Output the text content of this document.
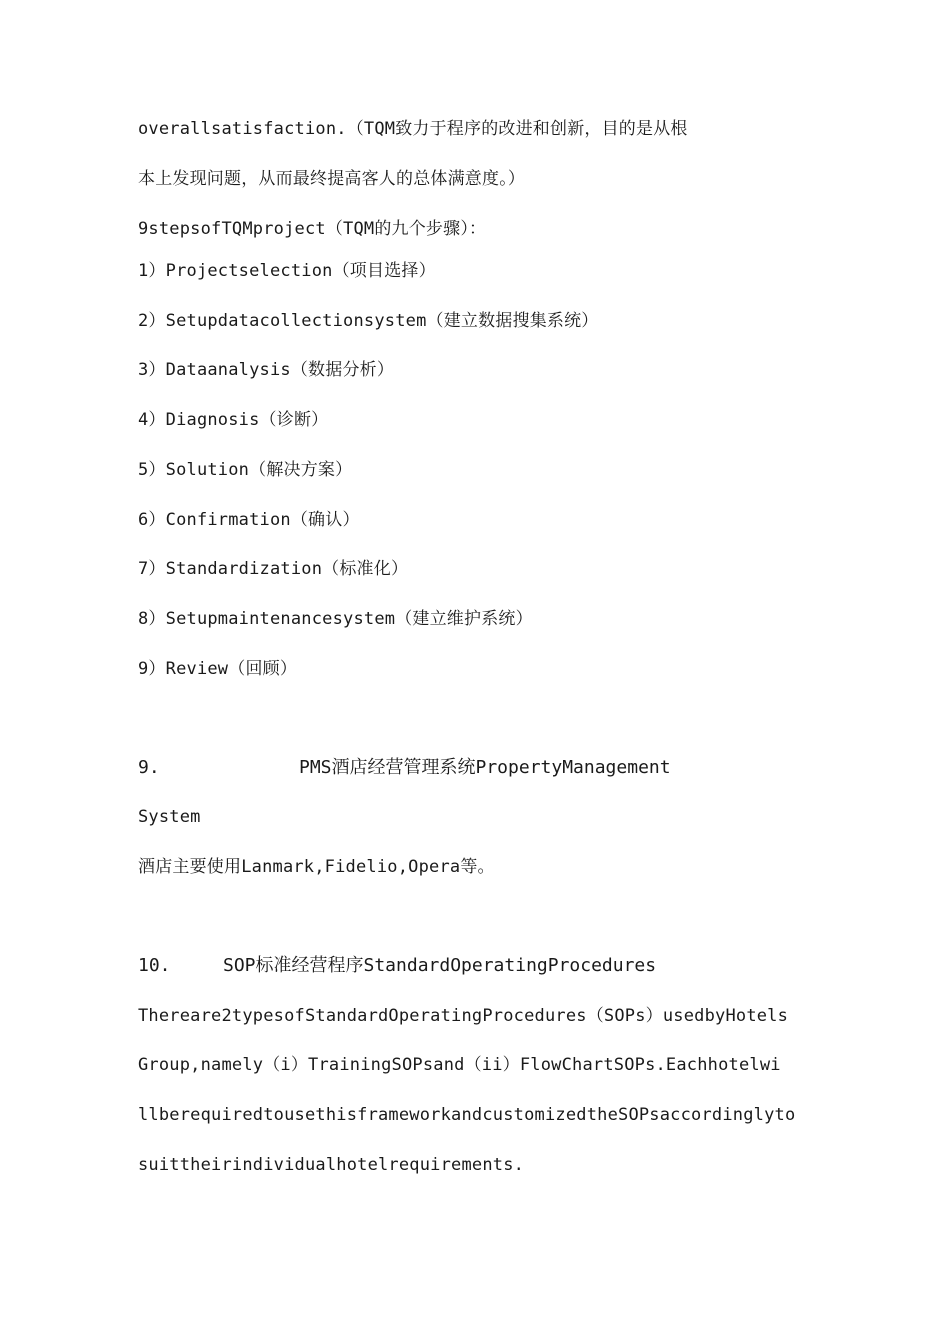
overallsatisfaction.（TQM致力于程序的改进和创新，目的是从根
本上发现问题，从而最终提高客人的总体满意度。）
9stepsofTQMproject（TQM的九个步骤）：
1）Projectselection（项目选择）
2）Setupdatacollectionsystem（建立数据搜集系统）
3）Dataanalysis（数据分析）
4）Diagnosis（诊断）
5）Solution（解决方案）
6）Confirmation（确认）
7）Standardization（标准化）
8）Setupmaintenancesystem（建立维护系统）
9）Review（回顾）
9.	PMS酒店经营管理系统PropertyManagement
System
酒店主要使用Lanmark,Fidelio,Opera等。
10.	SOP标准经营程序StandardOperatingProcedures
Thereare2typesofStandardOperatingProcedures（SOPs）usedbyHotels
Group,namely（i）TrainingSOPsand（ii）FlowChartSOPs.Eachhotelwi
llberequiredtousethisframeworkandcustomizedtheSOPsaccordinglyto
suittheirindividualhotelrequirements.
